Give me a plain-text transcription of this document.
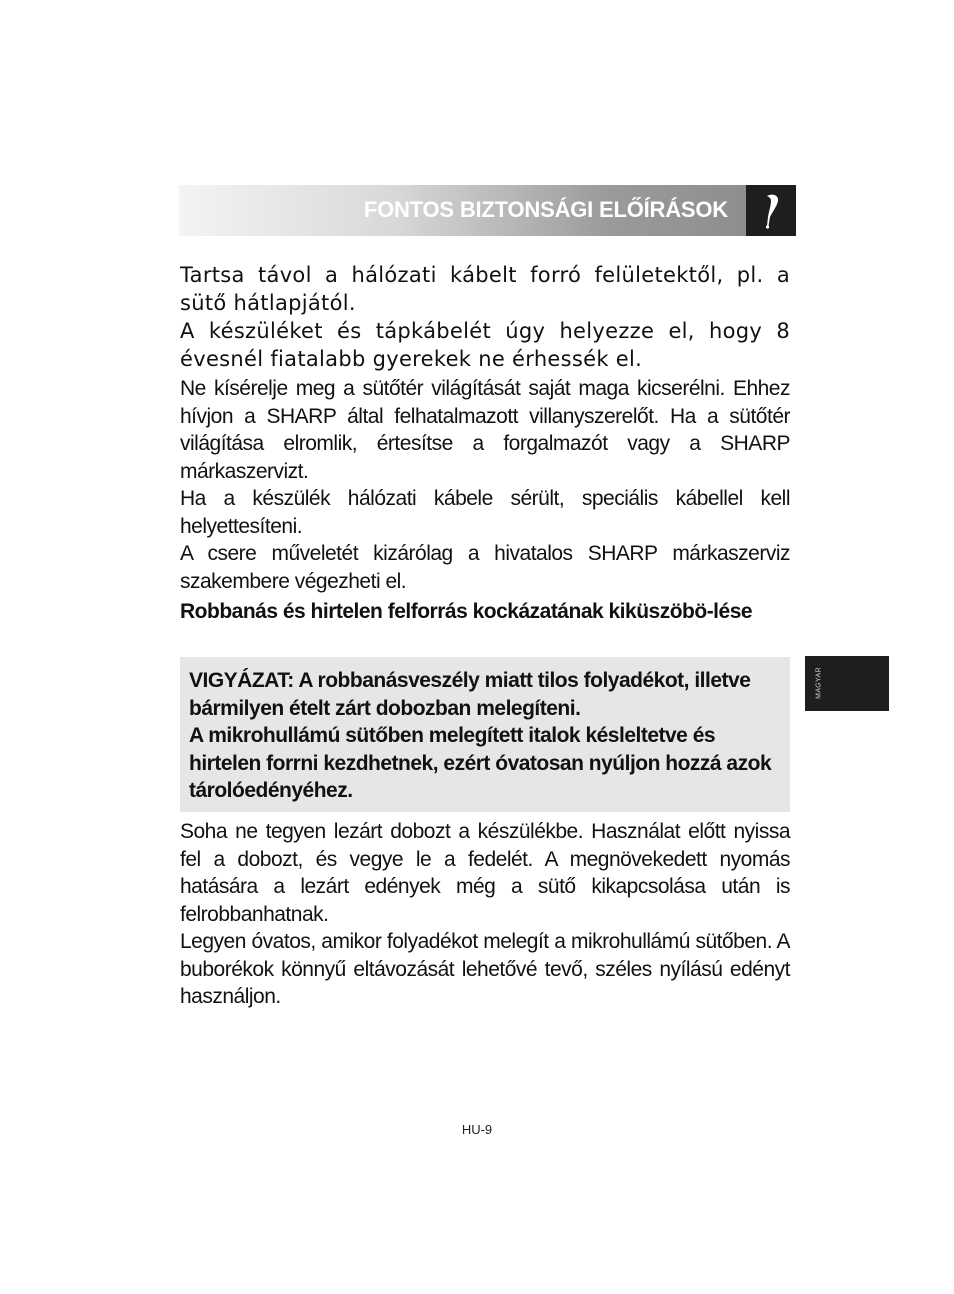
FONTOS BIZTONSÁGI ELŐÍRÁSOK

Tartsa távol a hálózati kábelt forró felületektől, pl. a sütő hátlapjától.

A készüléket és tápkábelét úgy helyezze el, hogy 8 évesnél fiatalabb gyerekek ne érhessék el.

Ne kísérelje meg a sütőtér világítását saját maga kicserélni. Ehhez hívjon a SHARP által felhatalmazott villanyszerelőt. Ha a sütőtér világítása elromlik, értesítse a forgalmazót vagy a SHARP márkaszervizt.

Ha a készülék hálózati kábele sérült, speciális kábellel kell helyettesíteni.

A csere műveletét kizárólag a hivatalos SHARP márkaszerviz szakembere végezheti el.

Robbanás és hirtelen felforrás kockázatának kiküszöbö-lése

VIGYÁZAT: A robbanásveszély miatt tilos folyadékot, illetve bármilyen ételt zárt dobozban melegíteni.

A mikrohullámú sütőben melegített italok késleltetve és hirtelen forrni kezdhetnek, ezért óvatosan nyúljon hozzá azok tárolóedényéhez.

Soha ne tegyen lezárt dobozt a készülékbe. Használat előtt nyissa fel a dobozt, és vegye le a fedelét. A megnövekedett nyomás hatására a lezárt edények még a sütő kikapcsolása után is felrobbanhatnak.

Legyen óvatos, amikor folyadékot melegít a mikrohullámú sütőben. A buborékok könnyű eltávozását lehetővé tevő, széles nyílású edényt használjon.

MAGYAR
HU-9
